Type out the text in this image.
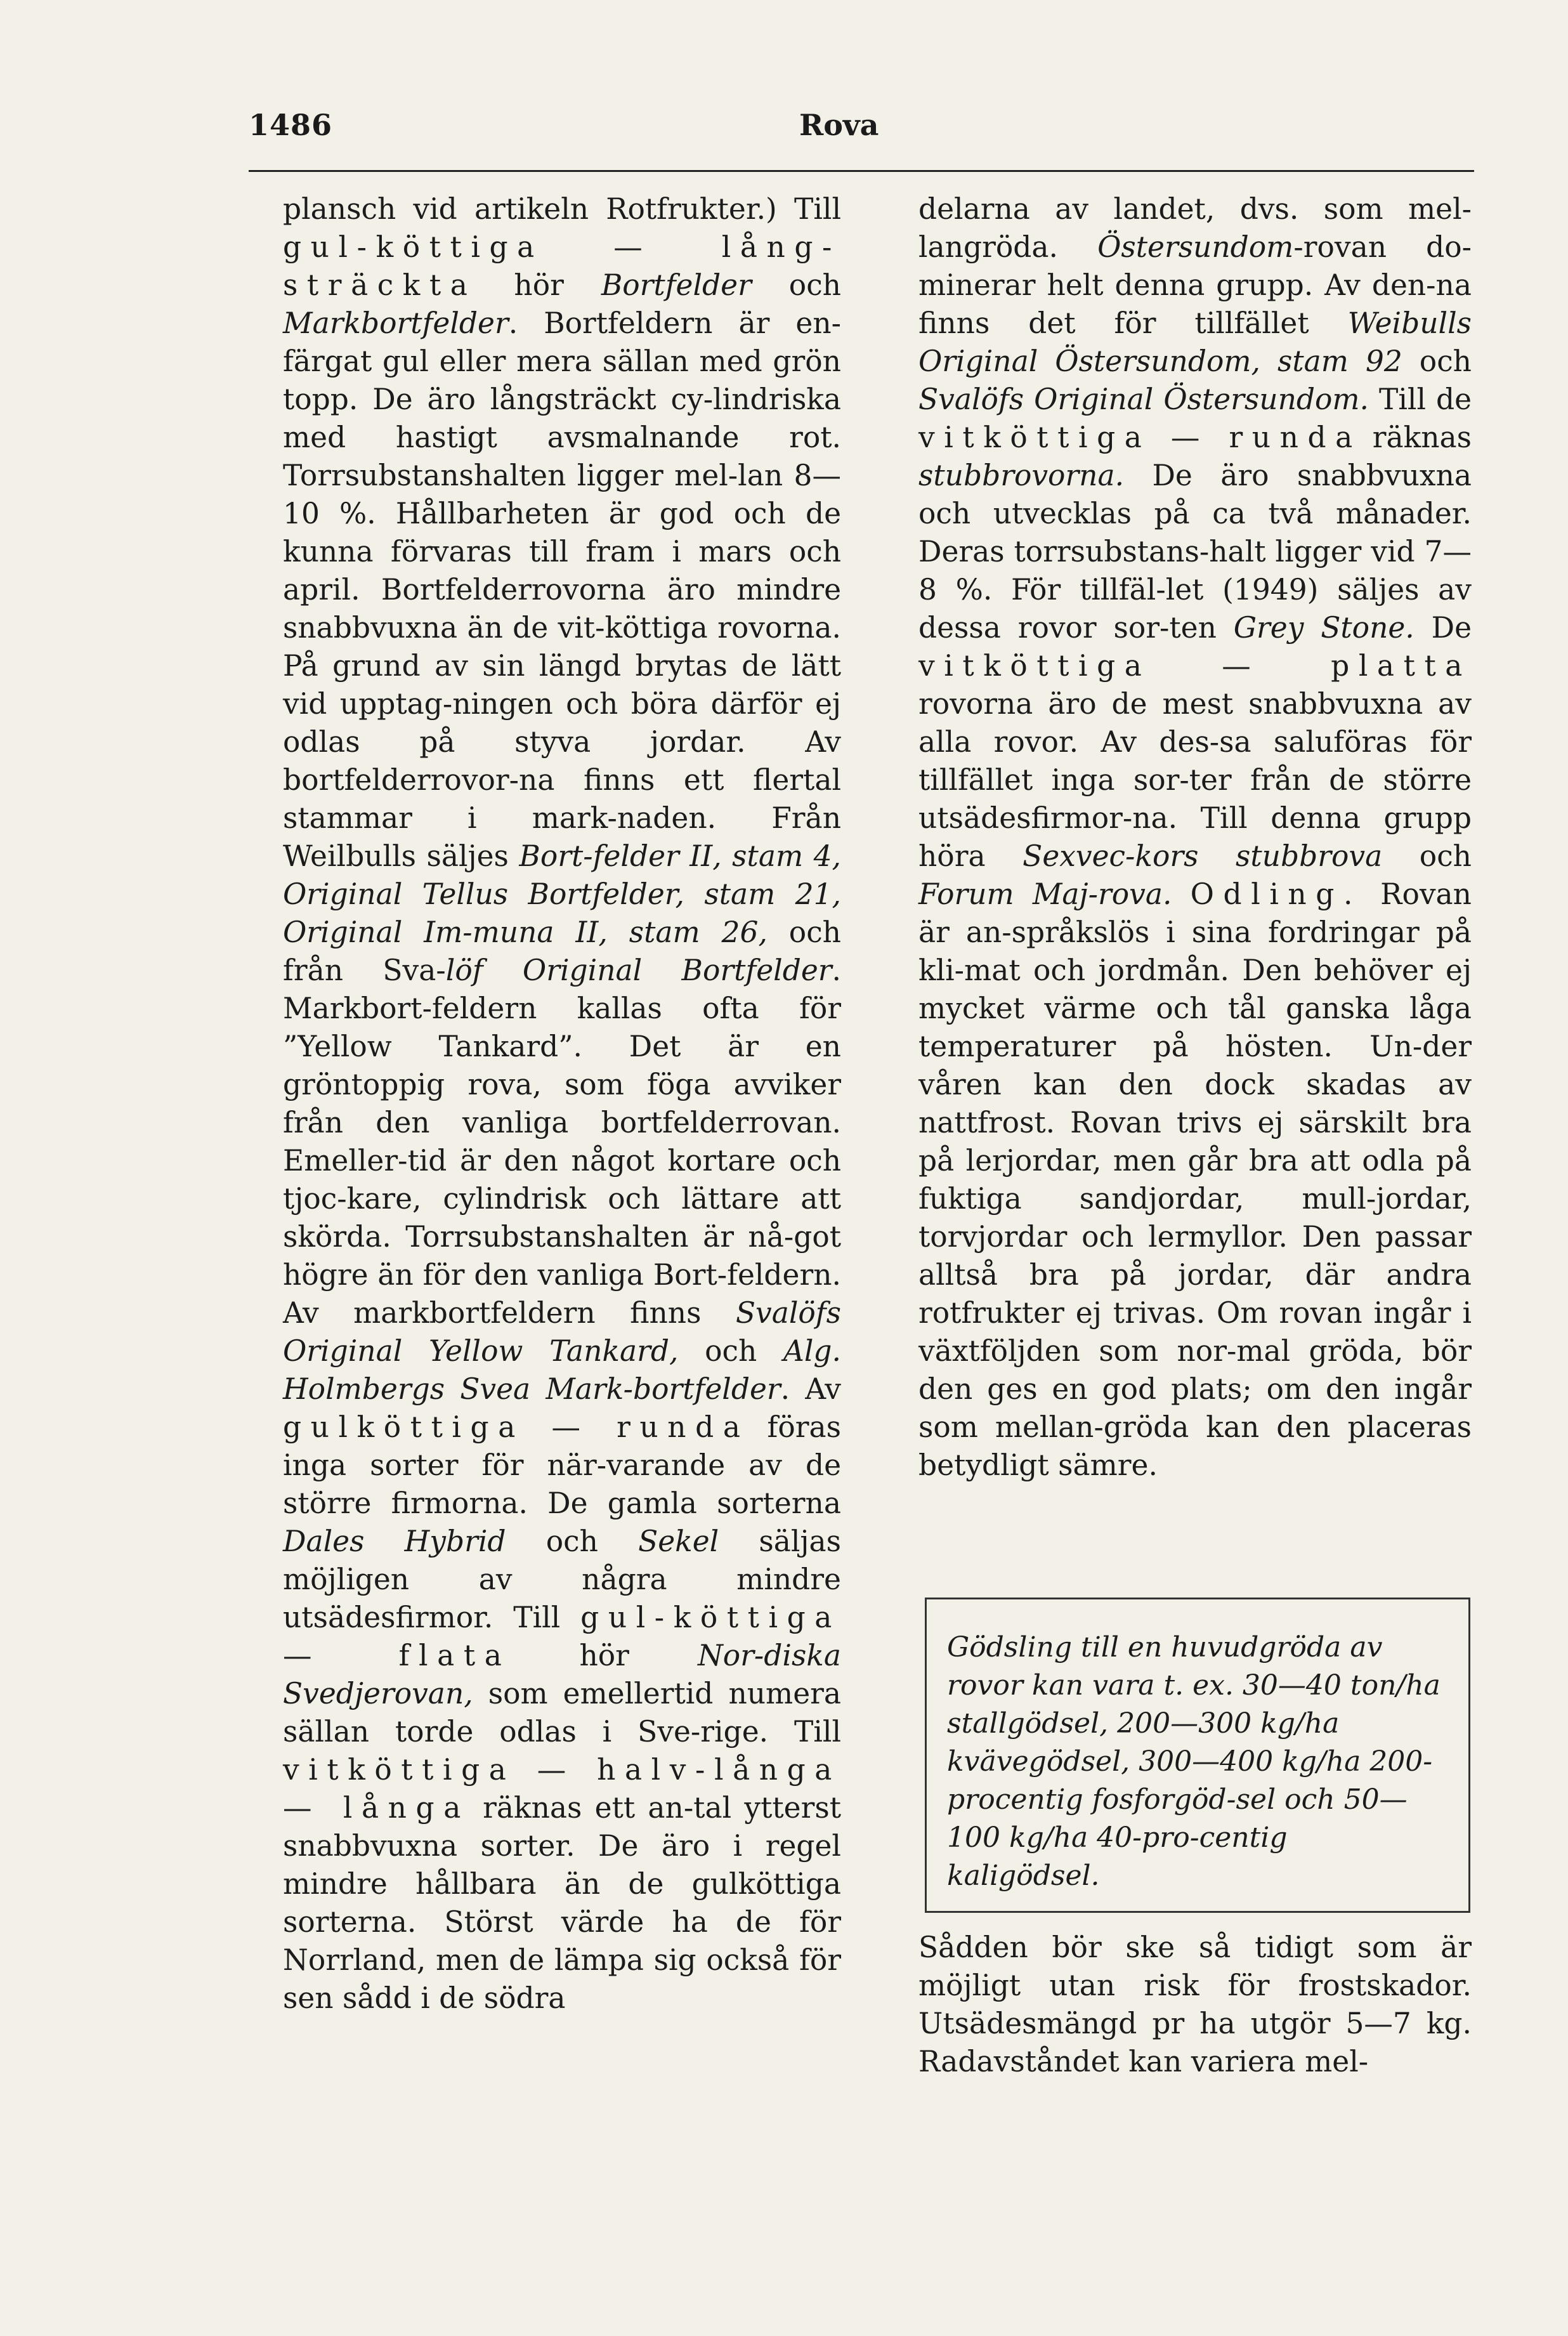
1486	Rova

plansch vid artikeln Rotfrukter.) Till gul-köttiga — lång-sträckta hör Bortfelder och Markbortfelder. Bortfeldern är en-färgat gul eller mera sällan med grön topp. De äro långsträckt cy-lindriska med hastigt avsmalnande rot. Torrsubstanshalten ligger mel-lan 8—10 %. Hållbarheten är god och de kunna förvaras till fram i mars och april. Bortfelderrovorna äro mindre snabbvuxna än de vit-köttiga rovorna. På grund av sin längd brytas de lätt vid upptag-ningen och böra därför ej odlas på styva jordar. Av bortfelderrovor-na finns ett flertal stammar i mark-naden. Från Weilbulls säljes Bort-felder II, stam 4, Original Tellus Bortfelder, stam 21, Original Im-muna II, stam 26, och från Sva-löf Original Bortfelder. Markbort-feldern kallas ofta för ”Yellow Tankard”. Det är en gröntoppig rova, som föga avviker från den vanliga bortfelderrovan. Emeller-tid är den något kortare och tjoc-kare, cylindrisk och lättare att skörda. Torrsubstanshalten är nå-got högre än för den vanliga Bort-feldern. Av markbortfeldern finns Svalöfs Original Yellow Tankard, och Alg. Holmbergs Svea Mark-bortfelder. Av gulköttiga — runda föras inga sorter för när-varande av de större firmorna. De gamla sorterna Dales Hybrid och Sekel säljas möjligen av några mindre utsädesfirmor. Till gul-köttiga — flata hör Nor-diska Svedjerovan, som emellertid numera sällan torde odlas i Sve-rige. Till vitköttiga — halv-långa — långa räknas ett an-tal ytterst snabbvuxna sorter. De äro i regel mindre hållbara än de gulköttiga sorterna. Störst värde ha de för Norrland, men de lämpa sig också för sen sådd i de södra

delarna av landet, dvs. som mel-langröda. Östersundom-rovan do-minerar helt denna grupp. Av den-na finns det för tillfället Weibulls Original Östersundom, stam 92 och Svalöfs Original Östersundom. Till de vitköttiga — runda räknas stubbrovorna. De äro snabbvuxna och utvecklas på ca två månader. Deras torrsubstans-halt ligger vid 7—8 %. För tillfäl-let (1949) säljes av dessa rovor sor-ten Grey Stone. De vitköttiga — platta rovorna äro de mest snabbvuxna av alla rovor. Av des-sa saluföras för tillfället inga sor-ter från de större utsädesfirmor-na. Till denna grupp höra Sexvec-kors stubbrova och Forum Maj-rova. Odling. Rovan är an-språkslös i sina fordringar på kli-mat och jordmån. Den behöver ej mycket värme och tål ganska låga temperaturer på hösten. Un-der våren kan den dock skadas av nattfrost. Rovan trivs ej särskilt bra på lerjordar, men går bra att odla på fuktiga sandjordar, mull-jordar, torvjordar och lermyllor. Den passar alltså bra på jordar, där andra rotfrukter ej trivas. Om rovan ingår i växtföljden som nor-mal gröda, bör den ges en god plats; om den ingår som mellan-gröda kan den placeras betydligt sämre.

Gödsling till en huvudgröda av rovor kan vara t. ex. 30—40 ton/ha stallgödsel, 200—300 kg/ha kvävegödsel, 300—400 kg/ha 200-procentig fosforgöd-sel och 50—100 kg/ha 40-pro-centig kaligödsel.
Sådden bör ske så tidigt som är möjligt utan risk för frostskador. Utsädesmängd pr ha utgör 5—7 kg. Radavståndet kan variera mel-
